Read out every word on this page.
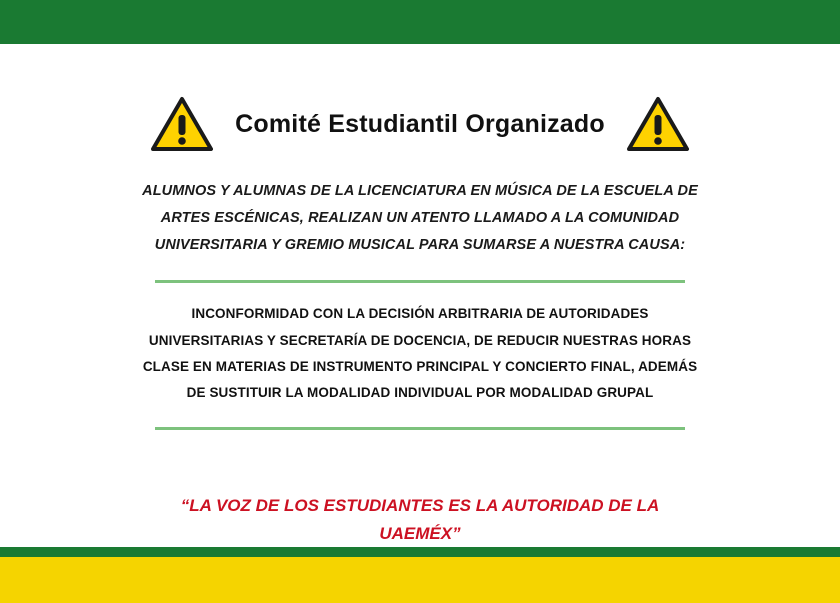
Comité Estudiantil Organizado

ALUMNOS Y ALUMNAS DE LA LICENCIATURA EN MÚSICA DE LA ESCUELA DE ARTES ESCÉNICAS, REALIZAN UN ATENTO LLAMADO A LA COMUNIDAD UNIVERSITARIA Y GREMIO MUSICAL PARA SUMARSE A NUESTRA CAUSA:

INCONFORMIDAD CON LA DECISIÓN ARBITRARIA DE AUTORIDADES UNIVERSITARIAS Y SECRETARÍA DE DOCENCIA, DE REDUCIR NUESTRAS HORAS CLASE EN MATERIAS DE INSTRUMENTO PRINCIPAL Y CONCIERTO FINAL, ADEMÁS DE SUSTITUIR LA MODALIDAD INDIVIDUAL POR MODALIDAD GRUPAL

“LA VOZ DE LOS ESTUDIANTES ES LA AUTORIDAD DE LA UAEMÉX”
